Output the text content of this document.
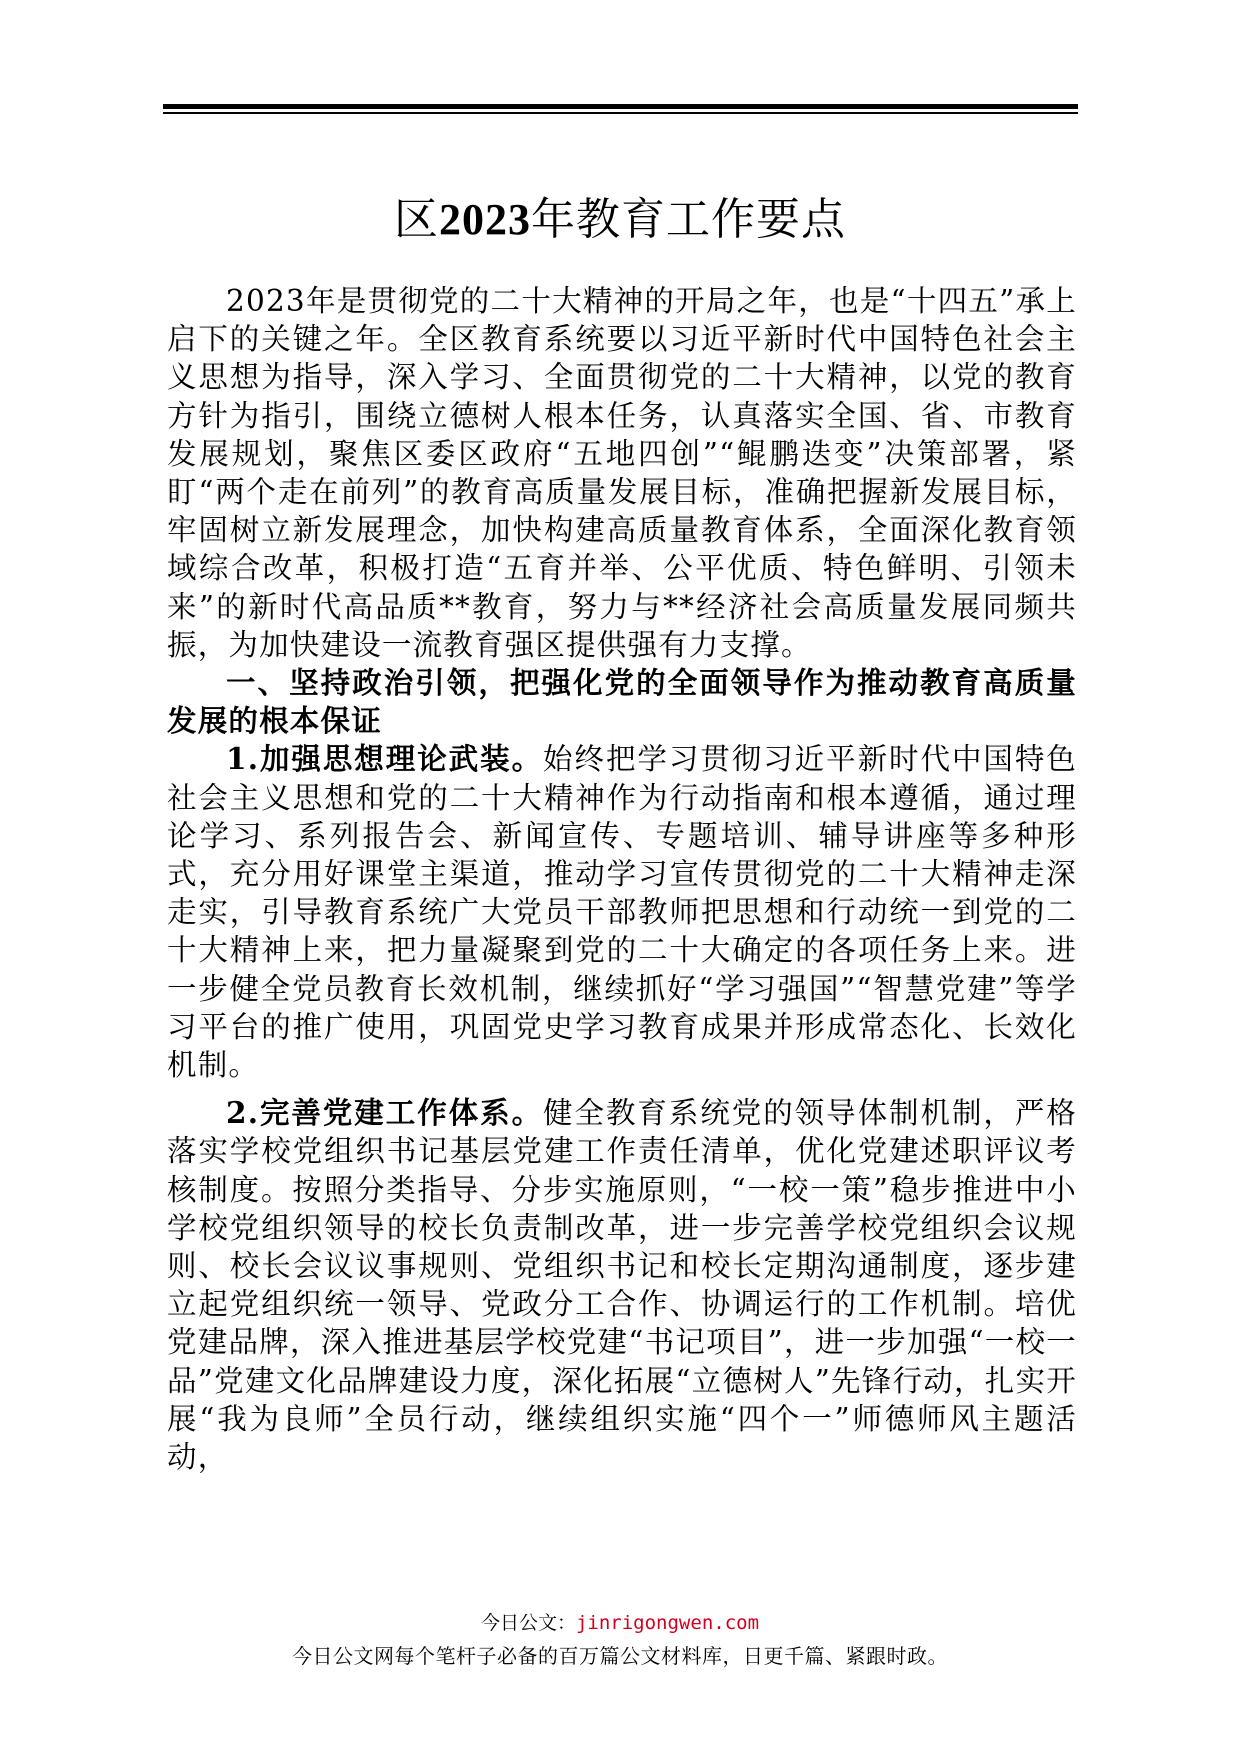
区2023年教育工作要点

2023年是贯彻党的二十大精神的开局之年，也是“十四五”承上启下的关键之年。全区教育系统要以习近平新时代中国特色社会主义思想为指导，深入学习、全面贯彻党的二十大精神，以党的教育方针为指引，围绕立德树人根本任务，认真落实全国、省、市教育发展规划，聚焦区委区政府“五地四创”“鲲鹏迭变”决策部署，紧盯“两个走在前列”的教育高质量发展目标，准确把握新发展目标，牢固树立新发展理念，加快构建高质量教育体系，全面深化教育领域综合改革，积极打造“五育并举、公平优质、特色鲜明、引领未来”的新时代高品质**教育，努力与**经济社会高质量发展同频共振，为加快建设一流教育强区提供强有力支撑。

一、坚持政治引领，把强化党的全面领导作为推动教育高质量发展的根本保证

1.加强思想理论武装。始终把学习贯彻习近平新时代中国特色社会主义思想和党的二十大精神作为行动指南和根本遵循，通过理论学习、系列报告会、新闻宣传、专题培训、辅导讲座等多种形式，充分用好课堂主渠道，推动学习宣传贯彻党的二十大精神走深走实，引导教育系统广大党员干部教师把思想和行动统一到党的二十大精神上来，把力量凝聚到党的二十大确定的各项任务上来。进一步健全党员教育长效机制，继续抓好“学习强国”“智慧党建”等学习平台的推广使用，巩固党史学习教育成果并形成常态化、长效化机制。

2.完善党建工作体系。健全教育系统党的领导体制机制，严格落实学校党组织书记基层党建工作责任清单，优化党建述职评议考核制度。按照分类指导、分步实施原则，“一校一策”稳步推进中小学校党组织领导的校长负责制改革，进一步完善学校党组织会议规则、校长会议议事规则、党组织书记和校长定期沟通制度，逐步建立起党组织统一领导、党政分工合作、协调运行的工作机制。培优党建品牌，深入推进基层学校党建“书记项目”，进一步加强“一校一品”党建文化品牌建设力度，深化拓展“立德树人”先锋行动，扎实开展“我为良师”全员行动，继续组织实施“四个一”师德师风主题活动，

今日公文：jinrigongwen.com
今日公文网每个笔杆子必备的百万篇公文材料库，日更千篇、紧跟时政。
